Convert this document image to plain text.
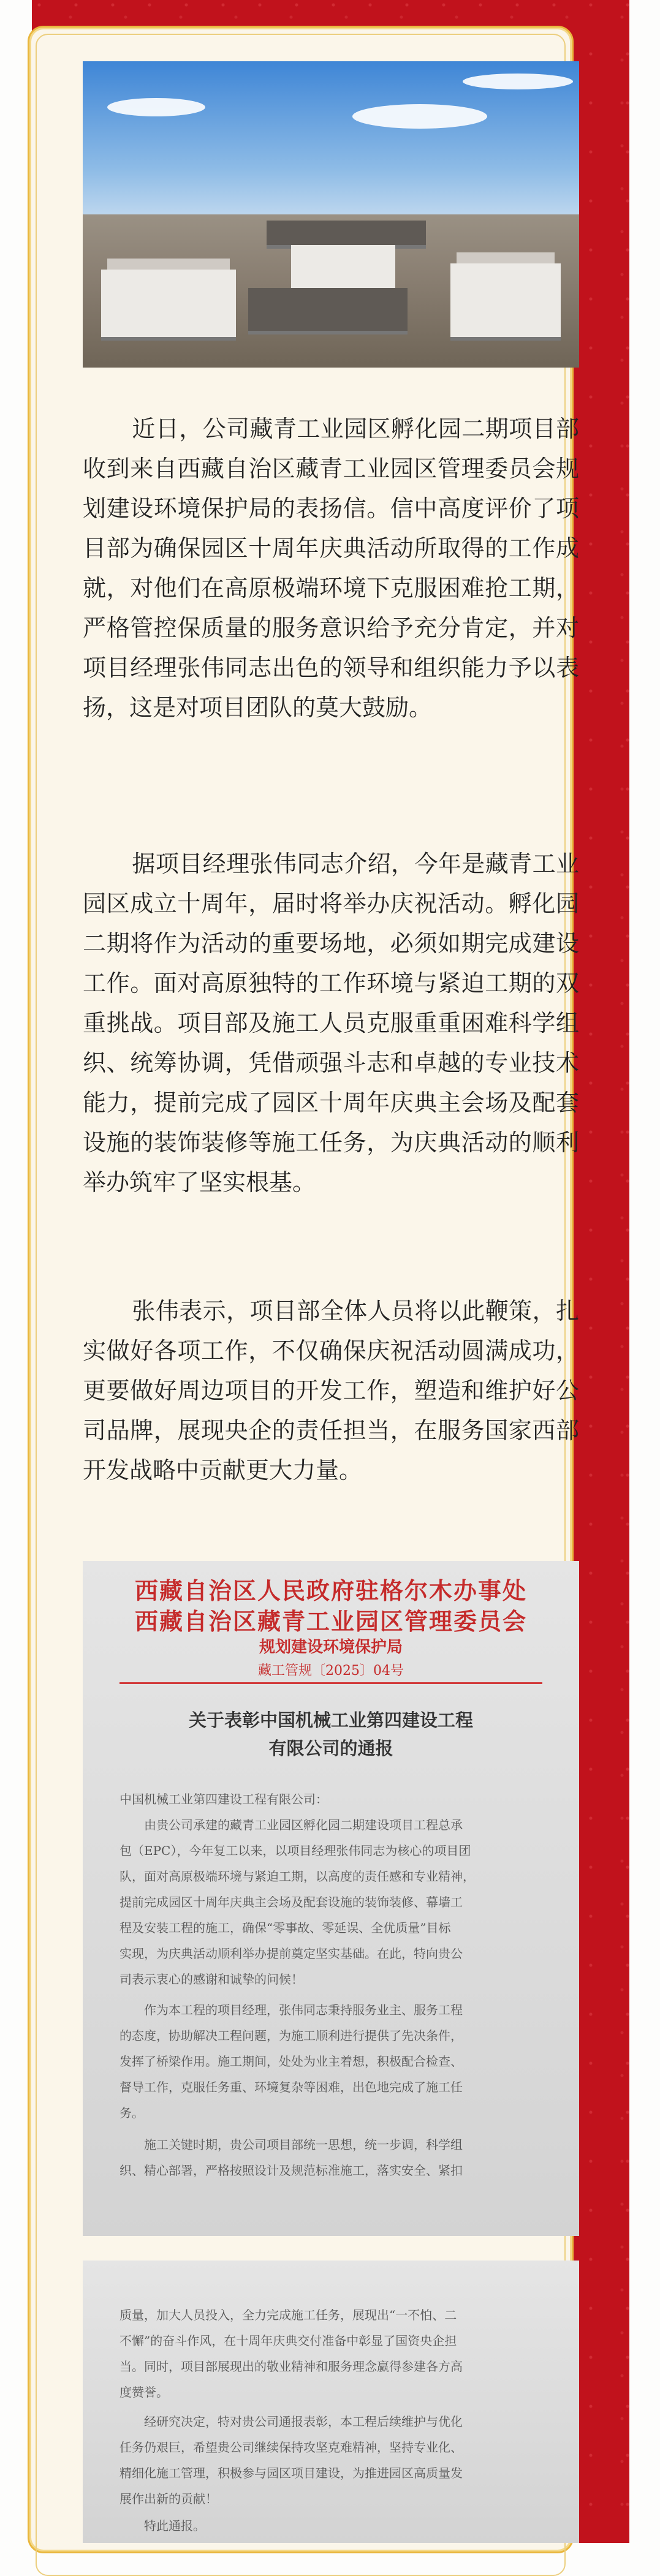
近日，公司藏青工业园区孵化园二期项目部收到来自西藏自治区藏青工业园区管理委员会规划建设环境保护局的表扬信。信中高度评价了项目部为确保园区十周年庆典活动所取得的工作成就，对他们在高原极端环境下克服困难抢工期，严格管控保质量的服务意识给予充分肯定，并对项目经理张伟同志出色的领导和组织能力予以表扬，这是对项目团队的莫大鼓励。

据项目经理张伟同志介绍，今年是藏青工业园区成立十周年，届时将举办庆祝活动。孵化园二期将作为活动的重要场地，必须如期完成建设工作。面对高原独特的工作环境与紧迫工期的双重挑战。项目部及施工人员克服重重困难科学组织、统筹协调，凭借顽强斗志和卓越的专业技术能力，提前完成了园区十周年庆典主会场及配套设施的装饰装修等施工任务，为庆典活动的顺利举办筑牢了坚实根基。

张伟表示，项目部全体人员将以此鞭策，扎实做好各项工作，不仅确保庆祝活动圆满成功，更要做好周边项目的开发工作，塑造和维护好公司品牌，展现央企的责任担当，在服务国家西部开发战略中贡献更大力量。

西藏自治区人民政府驻格尔木办事处
西藏自治区藏青工业园区管理委员会
规划建设环境保护局
藏工管规〔2025〕04号
关于表彰中国机械工业第四建设工程
有限公司的通报
中国机械工业第四建设工程有限公司：
　　由贵公司承建的藏青工业园区孵化园二期建设项目工程总承
包（EPC），今年复工以来，以项目经理张伟同志为核心的项目团
队，面对高原极端环境与紧迫工期，以高度的责任感和专业精神，
提前完成园区十周年庆典主会场及配套设施的装饰装修、幕墙工
程及安装工程的施工，确保“零事故、零延误、全优质量”目标
实现，为庆典活动顺利举办提前奠定坚实基础。在此，特向贵公
司表示衷心的感谢和诚挚的问候！
　　作为本工程的项目经理，张伟同志秉持服务业主、服务工程
的态度，协助解决工程问题，为施工顺利进行提供了先决条件，
发挥了桥梁作用。施工期间，处处为业主着想，积极配合检查、
督导工作，克服任务重、环境复杂等困难，出色地完成了施工任
务。
　　施工关键时期，贵公司项目部统一思想，统一步调，科学组
织、精心部署，严格按照设计及规范标准施工，落实安全、紧扣
质量，加大人员投入，全力完成施工任务，展现出“一不怕、二
不懈”的奋斗作风，在十周年庆典交付准备中彰显了国资央企担
当。同时，项目部展现出的敬业精神和服务理念赢得参建各方高
度赞誉。
　　经研究决定，特对贵公司通报表彰，本工程后续维护与优化
任务仍艰巨，希望贵公司继续保持攻坚克难精神，坚持专业化、
精细化施工管理，积极参与园区项目建设，为推进园区高质量发
展作出新的贡献！
　　特此通报。
